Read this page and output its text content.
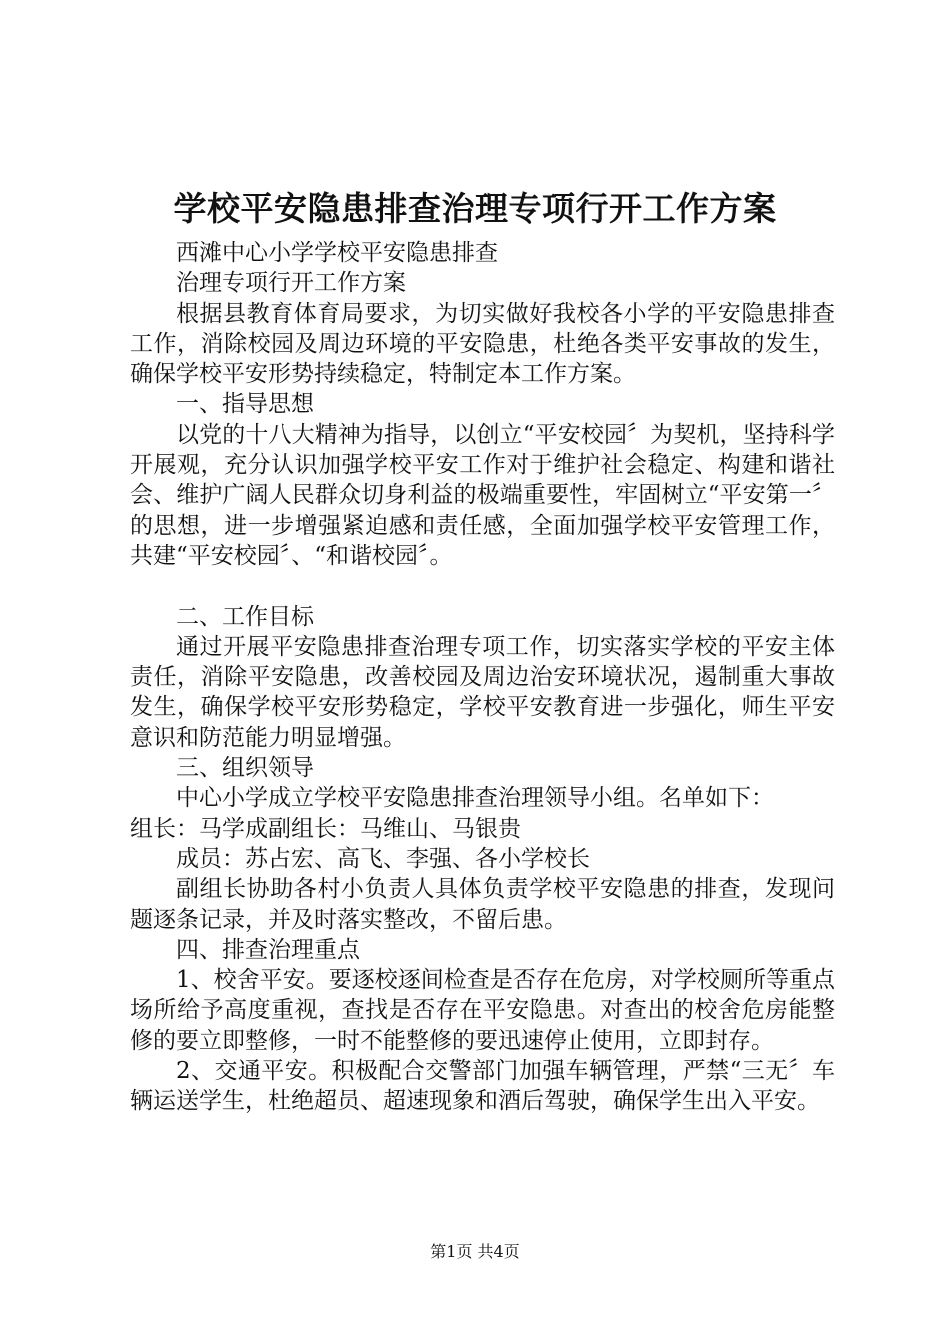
学校平安隐患排查治理专项行开工作方案

西滩中心小学学校平安隐患排查

治理专项行开工作方案

根据县教育体育局要求，为切实做好我校各小学的平安隐患排查工作，消除校园及周边环境的平安隐患，杜绝各类平安事故的发生，确保学校平安形势持续稳定，特制定本工作方案。

一、指导思想

以党的十八大精神为指导，以创立“平安校园〞为契机，坚持科学开展观，充分认识加强学校平安工作对于维护社会稳定、构建和谐社会、维护广阔人民群众切身利益的极端重要性，牢固树立“平安第一〞的思想，进一步增强紧迫感和责任感，全面加强学校平安管理工作，共建“平安校园〞、“和谐校园〞。

二、工作目标

通过开展平安隐患排查治理专项工作，切实落实学校的平安主体责任，消除平安隐患，改善校园及周边治安环境状况，遏制重大事故发生，确保学校平安形势稳定，学校平安教育进一步强化，师生平安意识和防范能力明显增强。

三、组织领导

中心小学成立学校平安隐患排查治理领导小组。名单如下：

组长：马学成副组长：马维山、马银贵

成员：苏占宏、高飞、李强、各小学校长

副组长协助各村小负责人具体负责学校平安隐患的排查，发现问题逐条记录，并及时落实整改，不留后患。

四、排查治理重点

1、校舍平安。要逐校逐间检查是否存在危房，对学校厕所等重点场所给予高度重视，查找是否存在平安隐患。对查出的校舍危房能整修的要立即整修，一时不能整修的要迅速停止使用，立即封存。

2、交通平安。积极配合交警部门加强车辆管理，严禁“三无〞车辆运送学生，杜绝超员、超速现象和酒后驾驶，确保学生出入平安。

第1页 共4页
